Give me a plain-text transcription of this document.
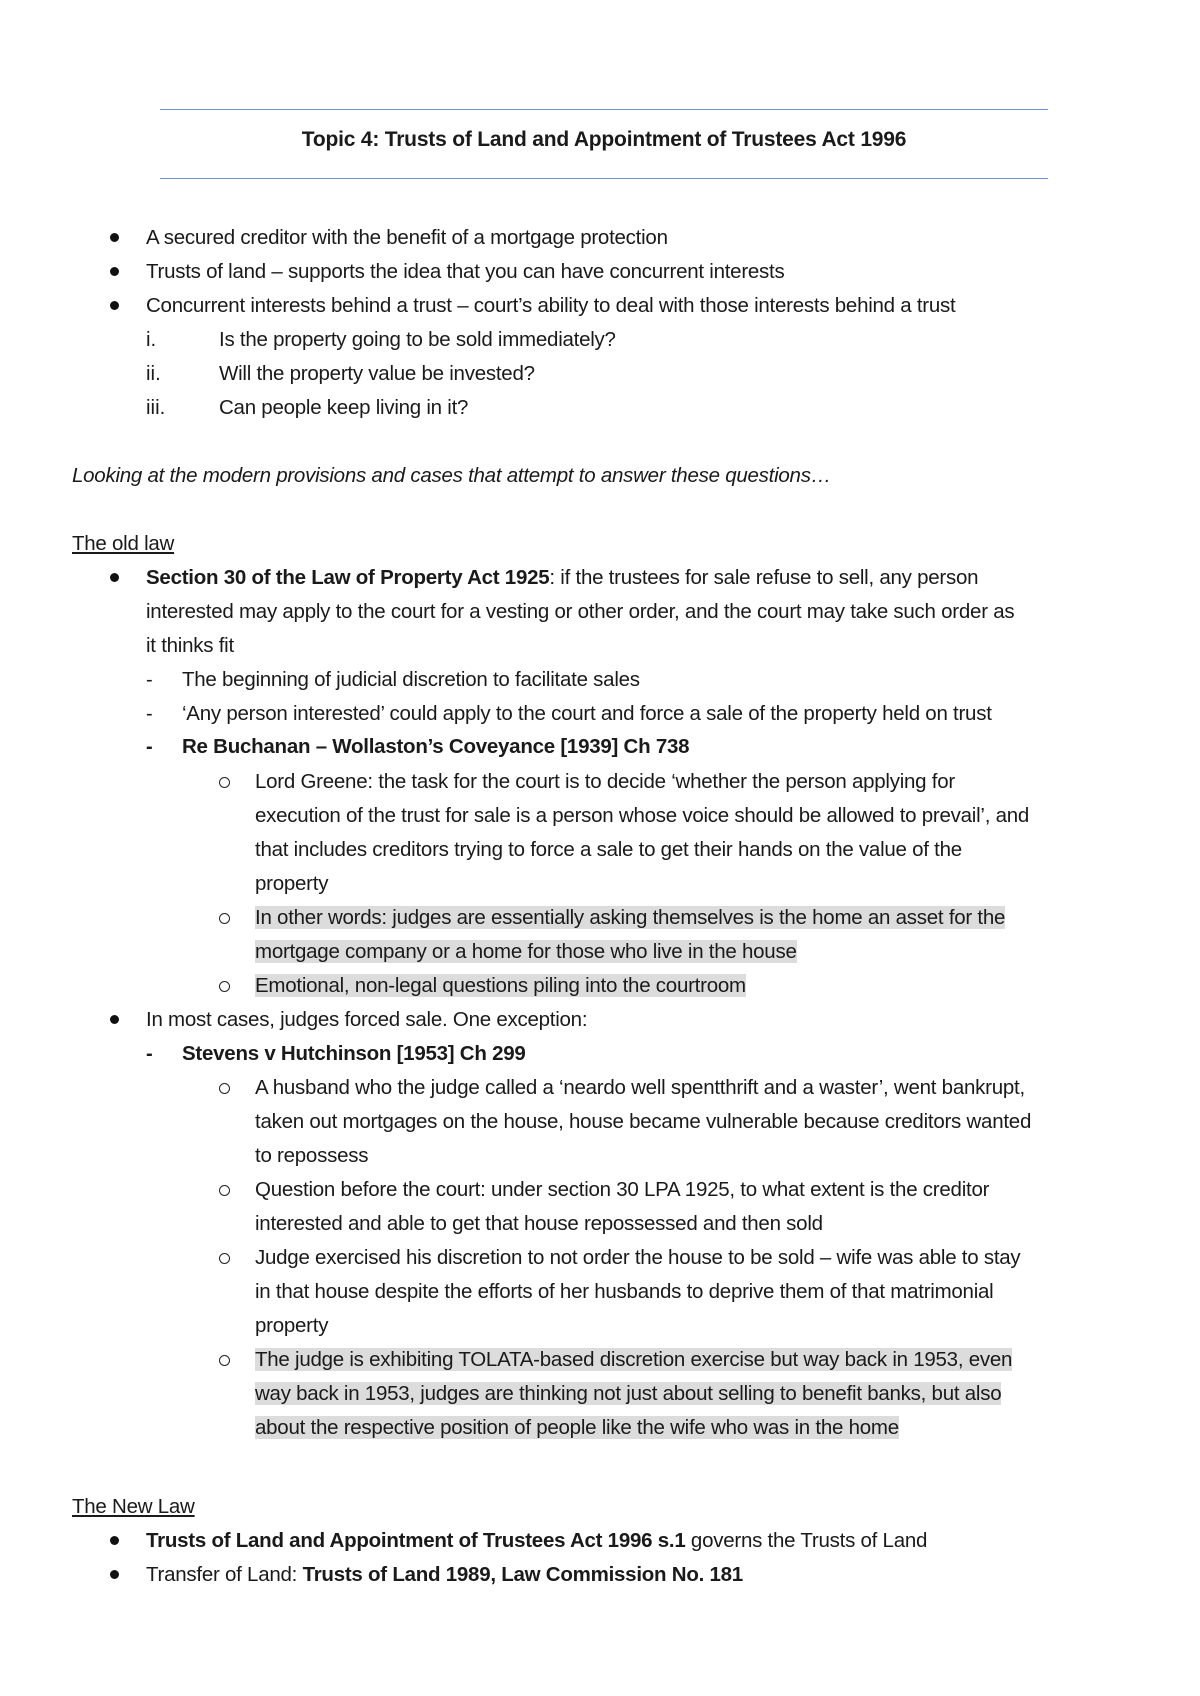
Topic 4: Trusts of Land and Appointment of Trustees Act 1996
A secured creditor with the benefit of a mortgage protection
Trusts of land – supports the idea that you can have concurrent interests
Concurrent interests behind a trust – court’s ability to deal with those interests behind a trust
i.	Is the property going to be sold immediately?
ii.	Will the property value be invested?
iii.	Can people keep living in it?
Looking at the modern provisions and cases that attempt to answer these questions…
The old law
Section 30 of the Law of Property Act 1925: if the trustees for sale refuse to sell, any person
interested may apply to the court for a vesting or other order, and the court may take such order as
it thinks fit
- The beginning of judicial discretion to facilitate sales
- ‘Any person interested’ could apply to the court and force a sale of the property held on trust
- Re Buchanan – Wollaston’s Coveyance [1939] Ch 738
Lord Greene: the task for the court is to decide ‘whether the person applying for
execution of the trust for sale is a person whose voice should be allowed to prevail’, and
that includes creditors trying to force a sale to get their hands on the value of the
property
In other words: judges are essentially asking themselves is the home an asset for the
mortgage company or a home for those who live in the house
Emotional, non-legal questions piling into the courtroom
In most cases, judges forced sale. One exception:
- Stevens v Hutchinson [1953] Ch 299
A husband who the judge called a ‘neardo well spentthrift and a waster’, went bankrupt,
taken out mortgages on the house, house became vulnerable because creditors wanted
to repossess
Question before the court: under section 30 LPA 1925, to what extent is the creditor
interested and able to get that house repossessed and then sold
Judge exercised his discretion to not order the house to be sold – wife was able to stay
in that house despite the efforts of her husbands to deprive them of that matrimonial
property
The judge is exhibiting TOLATA-based discretion exercise but way back in 1953, even
way back in 1953, judges are thinking not just about selling to benefit banks, but also
about the respective position of people like the wife who was in the home
The New Law
Trusts of Land and Appointment of Trustees Act 1996 s.1 governs the Trusts of Land
Transfer of Land: Trusts of Land 1989, Law Commission No. 181
